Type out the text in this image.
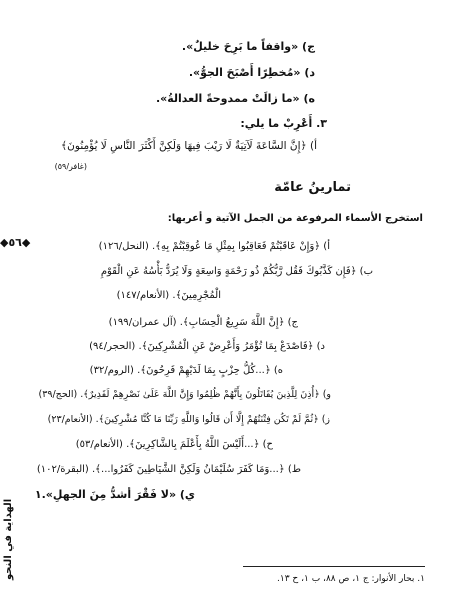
ج) «واقفاً ما بَرِحَ خليلٌ».
د) «مُخطِرًا أَصْبَحَ الجوُّ».
ه) «ما زالَتْ ممدوحةً العدالةُ».
٣. أَعْرِبْ ما يلي:
أ) ﴿إِنَّ السَّاعَةَ لَآتِيَةٌ لَا رَيْبَ فِيهَا وَلَكِنَّ أَكْثَرَ النَّاسِ لَا يُؤْمِنُونَ﴾
(غافر/٥٩)
تمارينُ عامّة
استخرج الأسماء المرفوعة من الجمل الآتية و أعربها:
أ) ﴿وَإِنْ عَاقَبْتُمْ فَعَاقِبُوا بِمِثْلِ مَا عُوقِبْتُمْ بِهِ﴾. (النحل/١٢٦)
ب) ﴿فَإِن كَذَّبُوكَ فَقُل رَّبُّكُمْ ذُو رَحْمَةٍ وَاسِعَةٍ وَلَا يُرَدُّ بَأْسُهُ عَنِ الْقَوْمِ
الْمُجْرِمِينَ﴾. (الأنعام/١٤٧)
ج) ﴿إِنَّ اللَّهَ سَرِيعُ الْحِسَابِ﴾. (آل عمران/١٩٩)
د) ﴿فَاصْدَعْ بِمَا تُؤْمَرُ وَأَعْرِضْ عَنِ الْمُشْرِكِينَ﴾. (الحجر/٩٤)
ه) ﴿...كُلُّ حِزْبٍ بِمَا لَدَيْهِمْ فَرِحُونَ﴾. (الروم/٣٢)
و) ﴿أُذِنَ لِلَّذِينَ يُقَاتَلُونَ بِأَنَّهُمْ ظُلِمُوا وَإِنَّ اللَّهَ عَلَىٰ نَصْرِهِمْ لَقَدِيرٌ﴾. (الحج/٣٩)
ز) ﴿ثُمَّ لَمْ تَكُن فِتْنَتُهُمْ إِلَّا أَن قَالُوا وَاللَّهِ رَبِّنَا مَا كُنَّا مُشْرِكِينَ﴾. (الأنعام/٢٣)
ح) ﴿...أَلَيْسَ اللَّهُ بِأَعْلَمَ بِالشَّاكِرِينَ﴾. (الأنعام/٥٣)
ط) ﴿...وَمَا كَفَرَ سُلَيْمَانُ وَلَكِنَّ الشَّيَاطِينَ كَفَرُوا...﴾. (البقرة/١٠٢)
ي) «لا فَقْرَ أشدُّ مِنَ الجهلِ».١
◆٥٦◆
الهداية في النحو	١. بحار الأنوار: ج ١، ص ٨٨، ب ١، ح ١٣.
